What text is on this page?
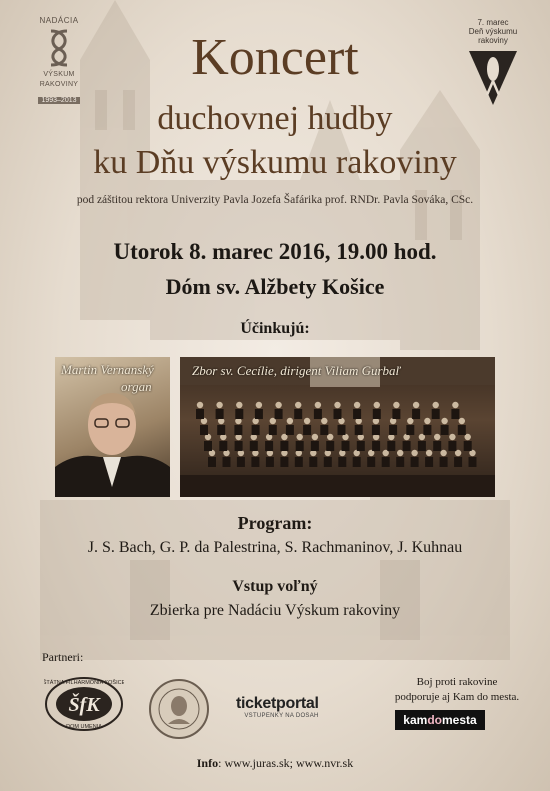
NADÁCIA
VÝSKUM
RAKOVINY
1993–2013
7. marec
Deň výskumu
rakoviny
Koncert
duchovnej hudby
ku Dňu výskumu rakoviny
pod záštitou rektora Univerzity Pavla Jozefa Šafárika prof. RNDr. Pavla Sováka, CSc.
Utorok 8. marec 2016, 19.00 hod.
Dóm sv. Alžbety Košice
Účinkujú:
Martin Vernanský
organ
Zbor sv. Cecílie, dirigent Viliam Gurbaľ
Program:
J. S. Bach, G. P. da Palestrina, S. Rachmaninov, J. Kuhnau
Vstup voľný
Zbierka pre Nadáciu Výskum rakoviny
Partneri:
ŠfK
ŠTÁTNA FILHARMÓNIA KOŠICE
DOM UMENIA
ticketportal
VSTUPENKY NA DOSAH
Boj proti rakovine
podporuje aj Kam do mesta.
kamdomesta
Info: www.juras.sk; www.nvr.sk
